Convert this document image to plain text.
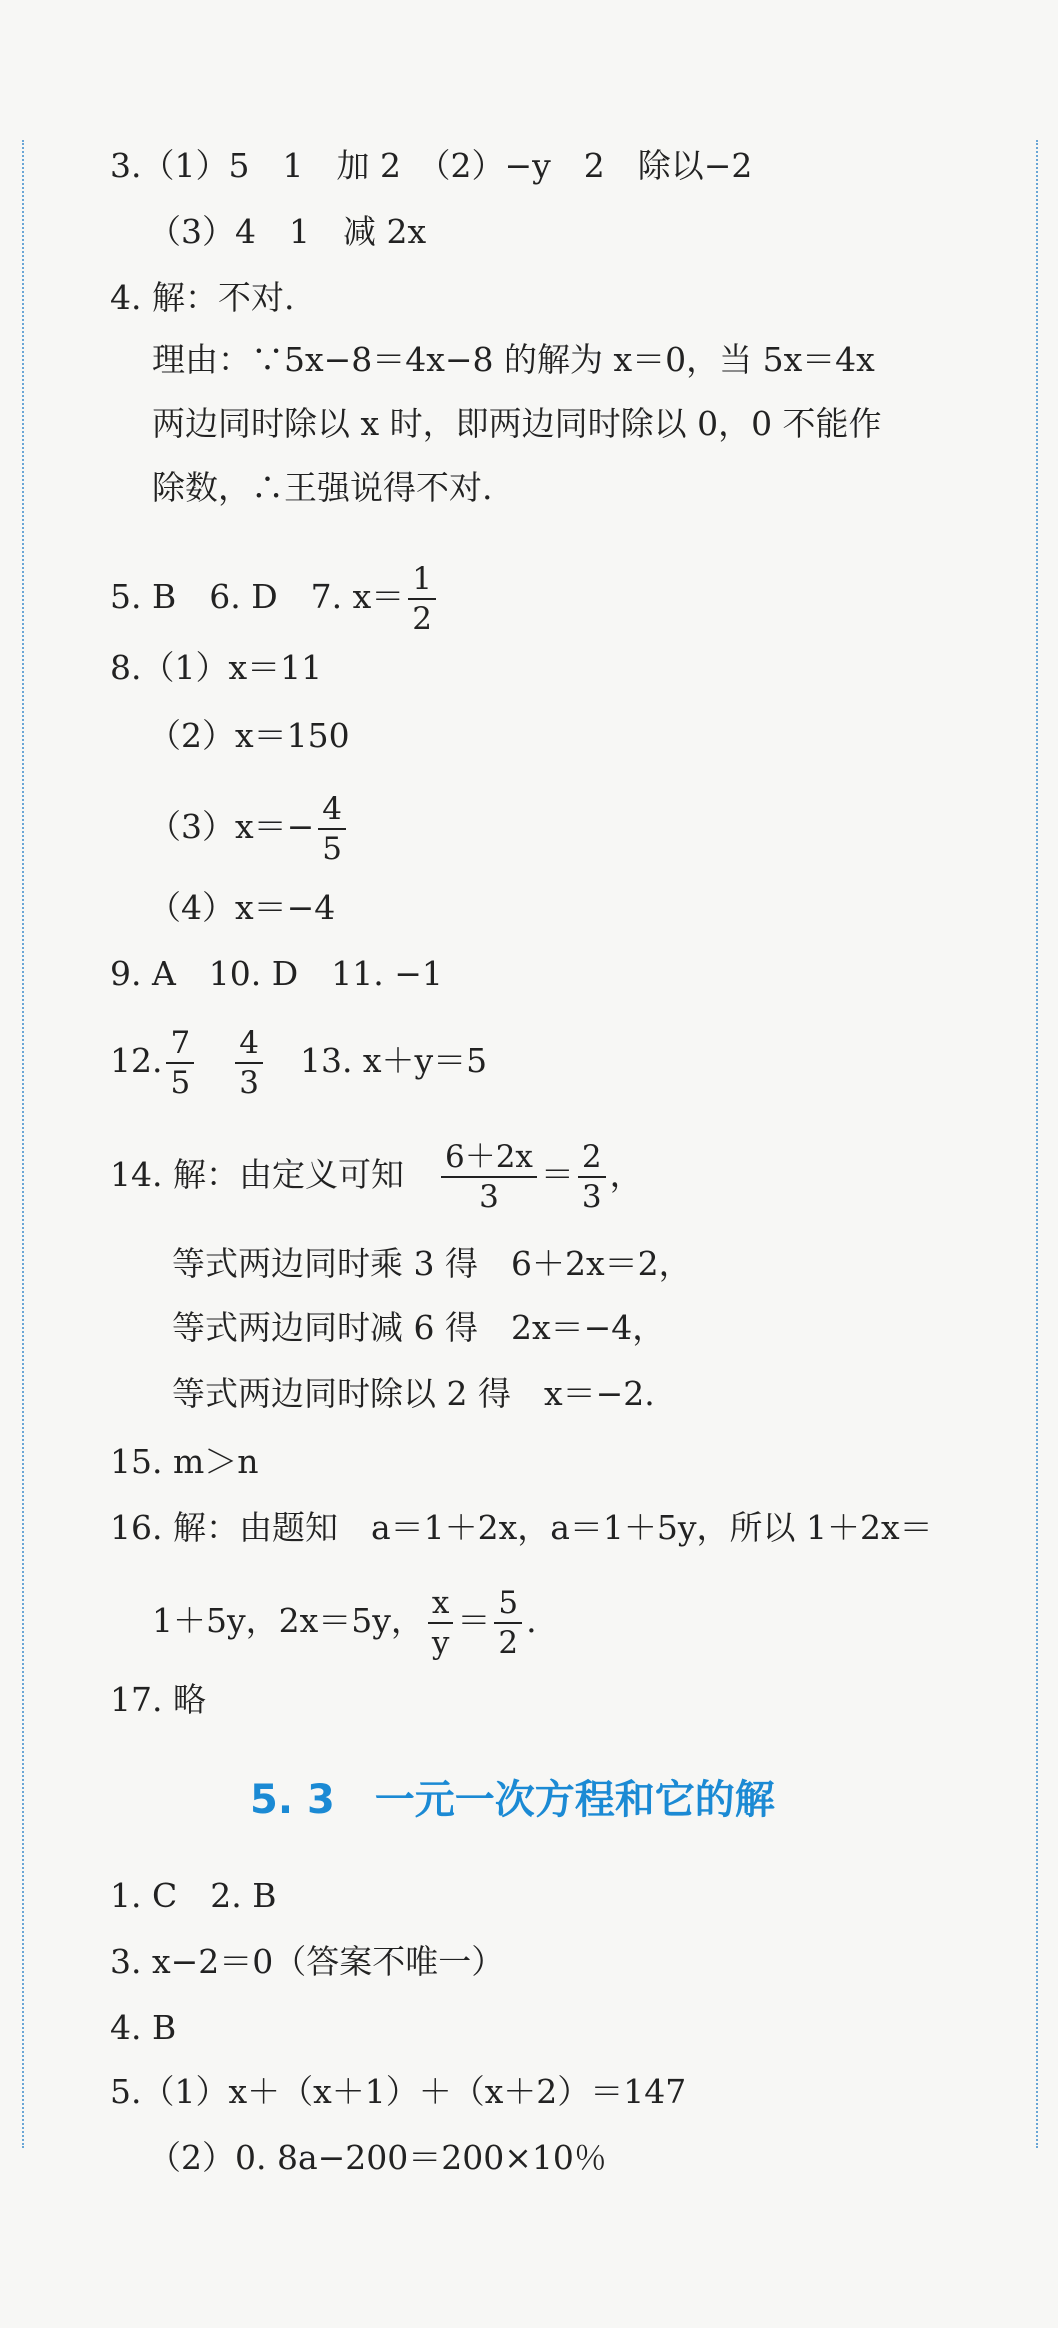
3.（1）5　1　加 2　（2）−y　2　除以−2
（3）4　1　减 2x
4. 解：不对.
理由：∵5x−8＝4x−8 的解为 x＝0，当 5x＝4x
两边同时除以 x 时，即两边同时除以 0，0 不能作
除数，∴王强说得不对.
5. B　6. D　7. $x= \frac{1}{2}$
8.（1）x＝11
（2）x＝150
$(3)x=- \frac{4}{5}$
（4）x＝−4
9. A　10. D　11. −1
12. $\frac{7}{5}$
　 $\frac{4}{3}$
　 13. x＋y＝5
14. 解：由定义可知　 $\frac{6+2x}{3} = \frac{2}{3}$ ，
等式两边同时乘 3 得　6＋2x＝2，
等式两边同时减 6 得　2x＝−4，
等式两边同时除以 2 得　x＝−2.
15. m＞n
16. 解：由题知　a＝1＋2x，a＝1＋5y，所以 1＋2x＝
1＋5y，2x＝5y， $\frac{x}{y} = \frac{5}{2}$ .
17. 略
5. 3　一元一次方程和它的解
1. C　2. B
3. x−2＝0（答案不唯一）
4. B
5.（1）x＋（x＋1）＋（x＋2）＝147
（2）0. 8a−200＝200×10％
